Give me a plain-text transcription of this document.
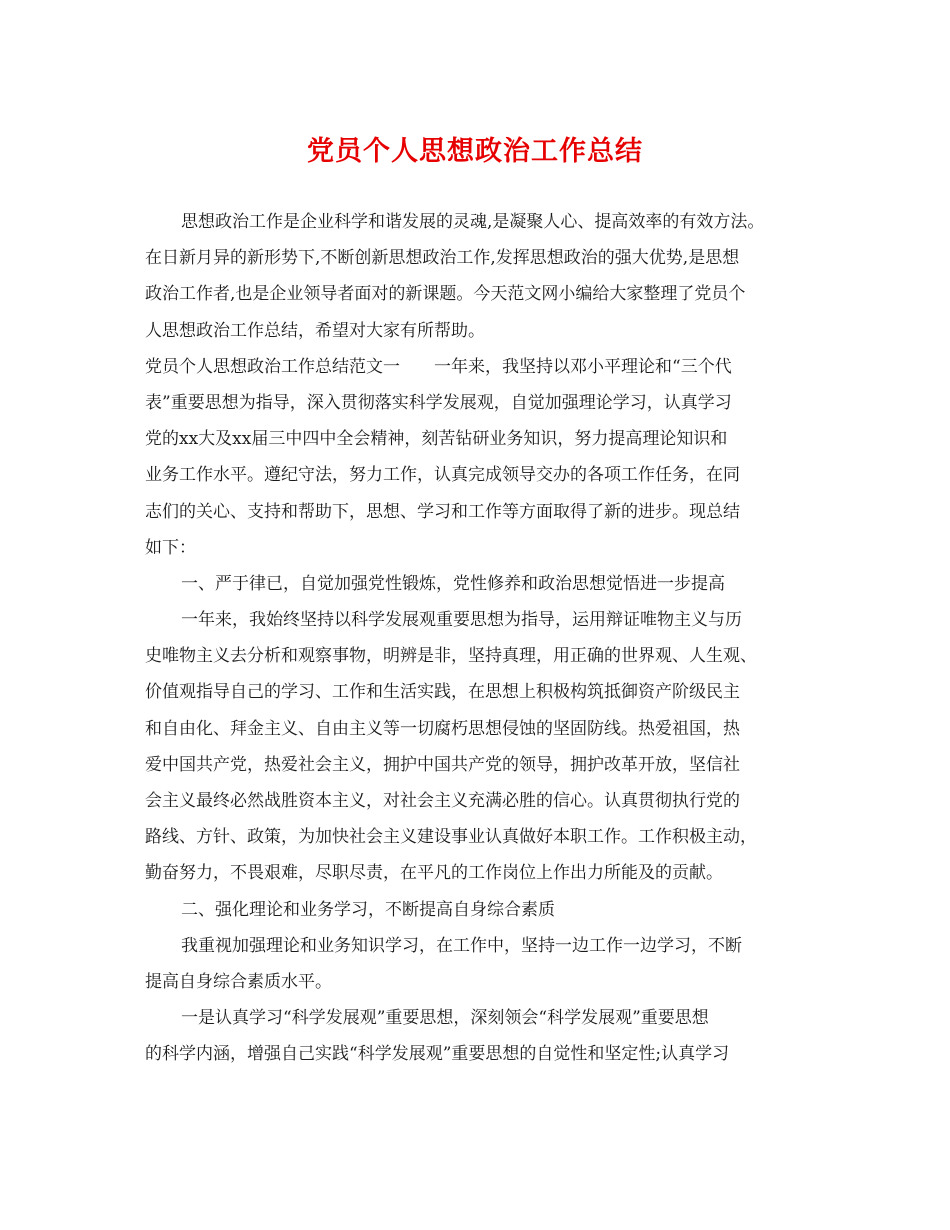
党员个人思想政治工作总结
思想政治工作是企业科学和谐发展的灵魂,是凝聚人心、提高效率的有效方法。
在日新月异的新形势下,不断创新思想政治工作,发挥思想政治的强大优势,是思想
政治工作者,也是企业领导者面对的新课题。今天范文网小编给大家整理了党员个
人思想政治工作总结，希望对大家有所帮助。
党员个人思想政治工作总结范文一　　一年来，我坚持以邓小平理论和“三个代
表”重要思想为指导，深入贯彻落实科学发展观，自觉加强理论学习，认真学习
党的xx大及xx届三中四中全会精神，刻苦钻研业务知识，努力提高理论知识和
业务工作水平。遵纪守法，努力工作，认真完成领导交办的各项工作任务，在同
志们的关心、支持和帮助下，思想、学习和工作等方面取得了新的进步。现总结
如下：
一、严于律已，自觉加强党性锻炼，党性修养和政治思想觉悟进一步提高
一年来，我始终坚持以科学发展观重要思想为指导，运用辩证唯物主义与历
史唯物主义去分析和观察事物，明辨是非，坚持真理，用正确的世界观、人生观、
价值观指导自己的学习、工作和生活实践，在思想上积极构筑抵御资产阶级民主
和自由化、拜金主义、自由主义等一切腐朽思想侵蚀的坚固防线。热爱祖国，热
爱中国共产党，热爱社会主义，拥护中国共产党的领导，拥护改革开放，坚信社
会主义最终必然战胜资本主义，对社会主义充满必胜的信心。认真贯彻执行党的
路线、方针、政策，为加快社会主义建设事业认真做好本职工作。工作积极主动，
勤奋努力，不畏艰难，尽职尽责，在平凡的工作岗位上作出力所能及的贡献。
二、强化理论和业务学习，不断提高自身综合素质
我重视加强理论和业务知识学习，在工作中，坚持一边工作一边学习，不断
提高自身综合素质水平。
一是认真学习“科学发展观”重要思想，深刻领会“科学发展观”重要思想
的科学内涵，增强自己实践“科学发展观”重要思想的自觉性和坚定性;认真学习
